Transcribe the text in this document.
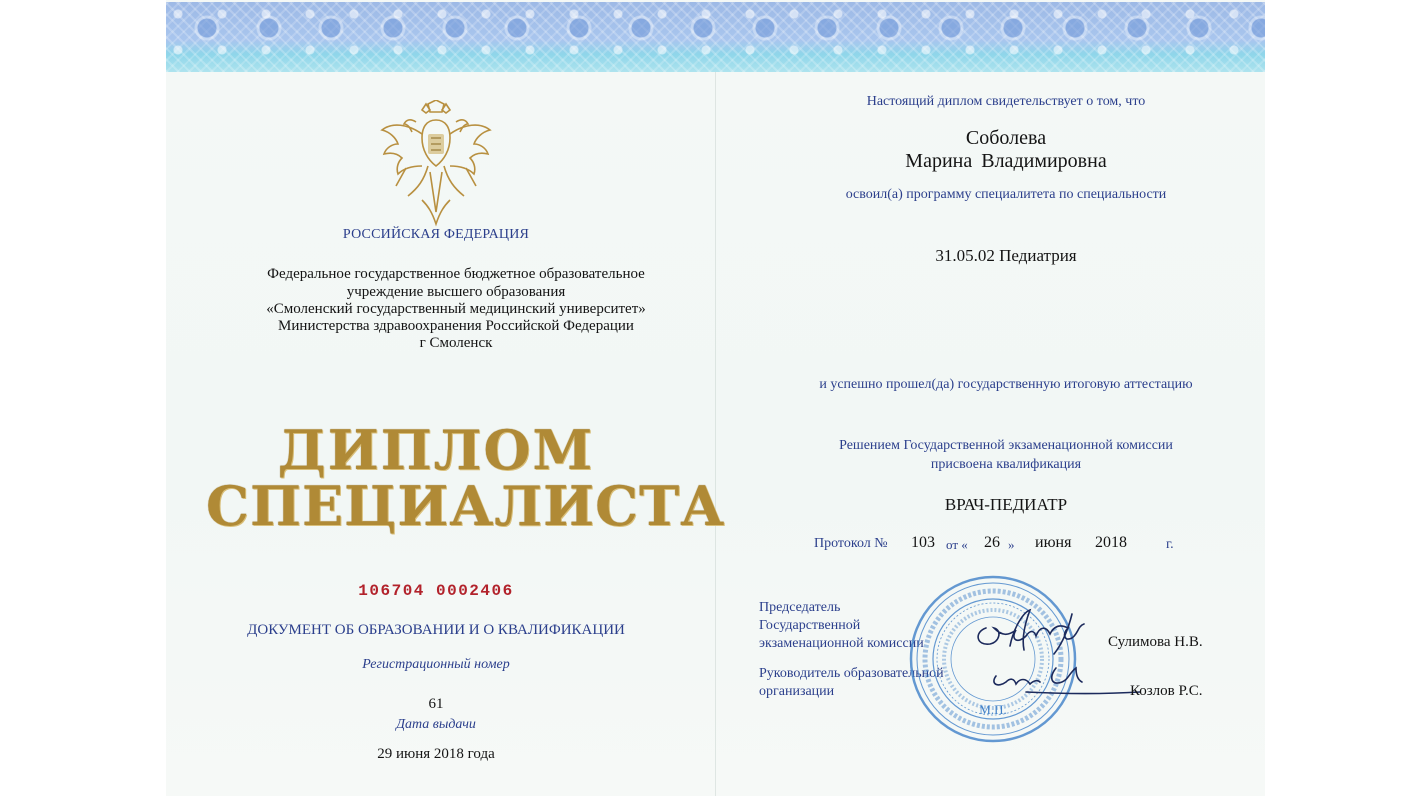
РОССИЙСКАЯ ФЕДЕРАЦИЯ
Федеральное государственное бюджетное образовательное
учреждение высшего образования
«Смоленский государственный медицинский университет»
Министерства здравоохранения Российской Федерации
г Смоленск
ДИПЛОМ
СПЕЦИАЛИСТА
106704 0002406
ДОКУМЕНТ ОБ ОБРАЗОВАНИИ И О КВАЛИФИКАЦИИ
Регистрационный номер
61
Дата выдачи
29 июня 2018 года
Настоящий диплом свидетельствует о том, что
Соболева
Марина Владимировна
освоил(а) программу специалитета по специальности
31.05.02 Педиатрия
и успешно прошел(да) государственную итоговую аттестацию
Решением Государственной экзаменационной комиссии
присвоена квалификация
ВРАЧ-ПЕДИАТР
Протокол № 103 от « 26 » июня 2018	г.
Председатель
Государственной
экзаменационной комиссии
Руководитель образовательной
организации
М.П.
Сулимова Н.В.
Козлов Р.С.
